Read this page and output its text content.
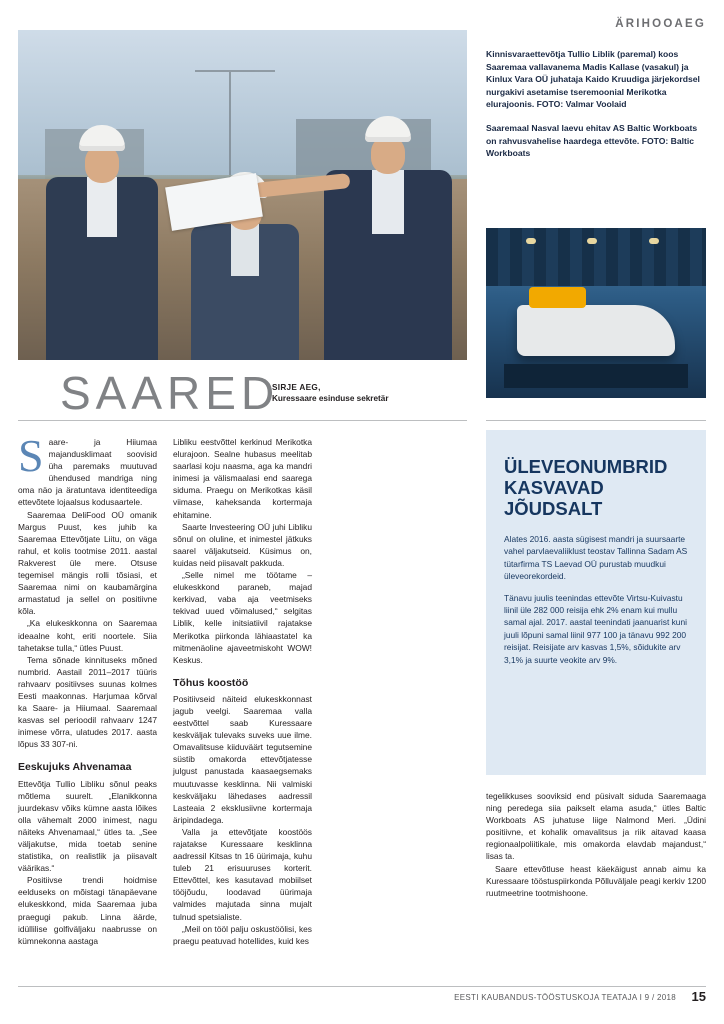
ÄRIHOOAEG

Kinnisvaraettevõtja Tullio Liblik (paremal) koos Saaremaa vallavanema Madis Kallase (vasakul) ja Kinlux Vara OÜ juhataja Kaido Kruudiga järjekordsel nurgakivi asetamise tseremoonial Merikotka elurajoonis. FOTO: Valmar Voolaid

Saaremaal Nasval laevu ehitav AS Baltic Workboats on rahvusvahelise haardega ettevõte. FOTO: Baltic Workboats

SAARED
SIRJE AEG,
Kuressaare esinduse sekretär

Saare- ja Hiiumaa majandusklimaat soovisid üha paremaks muutuvad ühendused mandriga ning oma näo ja äratuntava identiteediga ettevõtete lojaalsus kodusaartele.

Saaremaa DeliFood OÜ omanik Margus Puust, kes juhib ka Saaremaa Ettevõtjate Liitu, on väga rahul, et kolis tootmise 2011. aastal Rakverest üle mere. Otsuse tegemisel mängis rolli tõsiasi, et Saaremaa nimi on kaubamärgina armastatud ja sellel on positiivne kõla.

„Ka elukeskkonna on Saaremaa ideaalne koht, eriti noortele. Siia tahetakse tulla,“ ütles Puust.

Tema sõnade kinnituseks mõned numbrid. Aastail 2011–2017 tüüris rahvaarv positiivses suunas kolmes Eesti maakonnas. Harjumaa kõrval ka Saare- ja Hiiumaal. Saaremaal kasvas sel perioodil rahvaarv 1247 inimese võrra, ulatudes 2017. aasta lõpus 33 307-ni.

Eeskujuks Ahvenamaa

Ettevõtja Tullio Libliku sõnul peaks mõtlema suurelt. „Elanikkonna juurdekasv võiks kümne aasta lõikes olla vähemalt 2000 inimest, nagu näiteks Ahvenamaal,“ ütles ta. „See väljakutse, mida toetab senine statistika, on realistlik ja piisavalt väärikas.“

Positiivse trendi hoidmise eelduseks on mõistagi tänapäevane elukeskkond, mida Saaremaa juba praegugi pakub. Linna äärde, idüllilise golfiväljaku naabrusse on kümnekonna aastaga

Libliku eestvõttel kerkinud Merikotka elurajoon. Sealne hubasus meelitab saarlasi koju naasma, aga ka mandri inimesi ja välismaalasi end saarega siduma. Praegu on Merikotkas käsil viimase, kaheksanda kortermaja ehitamine.

Saarte Investeering OÜ juhi Libliku sõnul on oluline, et inimestel jätkuks saarel väljakutseid. Küsimus on, kuidas neid piisavalt pakkuda.

„Selle nimel me töötame – elukeskkond paraneb, majad kerkivad, vaba aja veetmiseks tekivad uued võimalused,“ selgitas Liblik, kelle initsiatiivil rajatakse Merikotka piirkonda lähiaastatel ka mitmenäoline ajaveetmiskoht WOW! Keskus.

Tõhus koostöö

Positiivseid näiteid elukeskkonnast jagub veelgi. Saaremaa valla eestvõttel saab Kuressaare keskväljak tulevaks suveks uue ilme. Omavalitsuse kiiduväärt tegutsemine süstib omakorda ettevõtjatesse julgust panustada kaasaegsemaks muutuvasse kesklinna. Nii valmiski keskväljaku lähedases aadressil Lasteaia 2 eksklusiivne kortermaja äripindadega.

Valla ja ettevõtjate koostöös rajatakse Kuressaare kesklinna aadressil Kitsas tn 16 üürimaja, kuhu tuleb 21 erisuuruses korterit. Ettevõttel, kes kasutavad mobiilset tööjõudu, loodavad üürimaja valmides majutada sinna mujalt tulnud spetsialiste.

„Meil on tööl palju oskustöölisi, kes praegu peatuvad hotellides, kuid kes

ÜLEVEONUMBRID KASVAVAD JÕUDSALT

Alates 2016. aasta sügisest mandri ja suursaarte vahel parvlaevaliiklust teostav Tallinna Sadam AS tütarfirma TS Laevad OÜ purustab muudkui üleveorekordeid.

Tänavu juulis teenindas ettevõte Virtsu-Kuivastu liinil üle 282 000 reisija ehk 2% enam kui mullu samal ajal. 2017. aastal teenindati jaanuarist kuni juuli lõpuni samal liinil 977 100 ja tänavu 992 200 reisijat. Reisijate arv kasvas 1,5%, sõidukite arv 3,1% ja suurte veokite arv 9%.

tegelikkuses sooviksid end püsivalt siduda Saaremaaga ning peredega siia paikselt elama asuda,“ ütles Baltic Workboats AS juhatuse liige Nalmond Meri. „Üdini positiivne, et kohalik omavalitsus ja riik aitavad kaasa regionaalpoliitikale, mis omakorda elavdab majandust,“ lisas ta.

Saare ettevõtluse heast käekäigust annab aimu ka Kuressaare tööstuspiirkonda Põlluväljale peagi kerkiv 1200 ruutmeetrine tootmishoone.

EESTI KAUBANDUS-TÖÖSTUSKOJA TEATAJA I 9 / 2018 15
